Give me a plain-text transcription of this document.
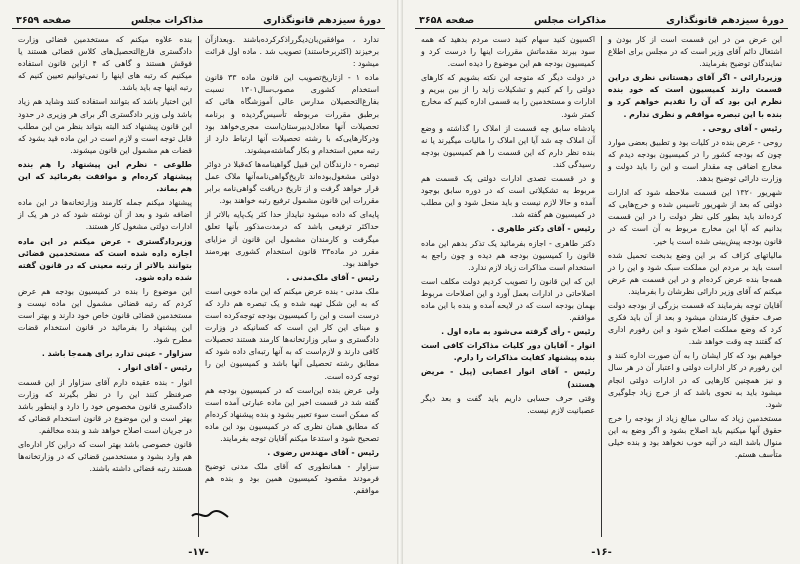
دورهٔ سیزدهم قانونگذاری
مذاکرات مجلس
صفحه ۳۶۵۹

ندارد ، موافقین‌بان‌دیگر‌را‌ذکرکرده‌باشند .و‌بعد‌از‌آن برخیزند (اکثر‌برخاستند) تصویب شد . ماده اول قرائت میشود :

ماده ۱ - از‌تاریخ‌تصویب این قانون ماده ۳۳ قانون استخدام کشوری مصوب‌سال‌۱۳۰۱ نسبت بفارغ‌التحصیلان مدارس عالی آموزشگاه هائی که بر‌طبق مقررات مربوطه تأسیس‌گردیده و برنامه تحصیلات آنها معادل‌دبیرستان‌است مجری‌خواهد بود و‌در‌کار‌هایی‌که با رشته تحصیلات آنها ارتباط دارد از رتبه معین استخدام و بکار گماشته‌میشوند.

تبصره - دارندگان این قبیل گواهینامه‌ها که‌قبلا در دوائر دولتی مشغول‌بوده‌اند تاریخ‌گواهی‌نامه‌آنها ملاک عمل قرار خواهد گرفت و از تاریخ دریافت گواهی‌نامه بر‌ابر مقررات این قانون مشمول ترفیع رتبه خواهند بود.

پایه‌ای که داده میشود نبایداز حدا کثر یک‌پایه‌ بالاتر از حداکثر ترفیعی باشد که در‌مدت‌مذکور بآنها تعلق میگرفت و کارمندان مشمول این قانون از مزایای مقرر در ماده۳۳ قانون استخدام کشوری بهره‌مند خواهند بود.

رئیس - آقای ملک‌مدنی .

ملک مدنی - بنده عرض میکنم که این ماده خوبی است که به‌ این شکل تهیه شده و یک تبصره‌ هم دارد که درست است و این را کمیسیون بودجه توجه‌کرده است و مبنا‌ی این کار این است که کسانیکه در وزارت دادگستری و سایر وزارتخانه‌ها کارمند‌ هستند تحصیلات کافی دارند و لازم‌است‌ که به آنها رتبه‌ای‌ داده شود که مطابق رشته تحصیلی آنها باشد و کمیسیون‌ این را توجه کرده است.

ولی عرض بنده این‌است که‌ در کمیسیون بودجه هم گفته شد در قسمت اخیر این ماده عبارتی آمده است‌ که ممکن است‌ سوء تعبیر بشود‌ و بنده‌ پیشنهاد کرده‌ام‌ که مطابق همان‌ نظری که در کمیسیون بود این ماده تصحیح شود و استدعا میکنم آقایان توجه بفرمایند.

رئیس - آقای مهندس رضوی .

سزاوار - همانطوری که آقای ملک مدنی توضیح فرمودند مقصود کمیسیون همین بود و‌ بنده‌ هم موافقم.

بنده علاوه میکنم که مستخدمین‌ قضائی وزارت دادگستری فارغ‌التحصیل‌های کلاس قضائی هستند یا فوقش هستند و گاهی که ۴ ازاین قانون استفاده میکنیم که رتبه های اینها را نمی‌توانیم تعیین کنیم که رتبه اینها چه باید باشد.

این اختیار باشد که بتوانند استفاده کنند وشاید هم‌ زیاد باشد ولی وزیر دادگستری اگر برای هر وزیری در حدود این قانون پیشنهاد کند البته بتواند بنظر من این مطلب قابل‌ توجه است و لازم است در این ماده قید بشود که قضات هم مشمول این قانون میشوند.

طلوعی - نظرم این پیشنهاد را هم بنده پیشنهاد کرده‌ام و موافقت بفرمائید که‌ این هم بماند.

پیشنهاد میکنم جمله کارمند وزارتخانه‌ها در این ماده اضافه شود و بعد از آن نوشته شود که ‌در‌ هر‌ یک از ادارات دولتی مشغول کار هستند.

وزیردادگستری - عرض میکنم در این ماده اجازه داده شده است که مستخدمین قضائی بتوانند بالاتر از رتبه معینی که در قانون گفته شده داده شود.

این موضوع را بنده در کمیسیون بودجه هم عرض کردم که رتبه قضائی مشمول این ماده نیست و‌ مستخدمین قضائی قانون خاص خود دارند و بهتر است این پیشنهاد را بفرمائید در قانون استخدام قضات مطرح شود.

سزاوار - عینی تدارد برای همه‌جا باشد .

رئیس - آقای انوار .

انوار - بنده عقیده‌ دارم‌ آقای سزاوار از این قسمت صرفنظر کنند این را در نظر بگیرند که وزارت دادگستری قانون مخصوص خود را دارد و اینطور باشد بهتر است و‌ این موضوع در قانون استخدام قضائی که در جریان است اصلاح خواهد شد و بنده مخالفم.

قانون خصوصی باشد بهتر است که دراین‌ کار اداره‌ای هم وارد‌ بشود و مستخدمین قضائی که در وزارتخانه‌ها هستند رتبه قضائی داشته باشند.

-۱۷-
دورهٔ سیزدهم قانونگذاری
مذاکرات مجلس
صفحه ۳۶۵۸

این عرض من در این قسمت‌ است از‌ کار بودن و اشتغال دائم آقای وزیر است که در مجلس برای اطلاع نمایندگان توضیح بفرمایند.

وزیردارائی - اگر آقای دهستانی نظری دراین‌ قسمت دارند کمیسیون است‌ که خود بنده نظرم این بود که آن را تقدیم خواهم کرد و بنده با این تبصره موافقم و نظری ندارم .

رئیس - آقای روحی .

روحی - عرض بنده در کلیات بود و‌ تطبیق بعضی موارد چون که بودجه کشور را‌ در کمیسیون بودجه دیدم که مخارج اضافی چه‌ مقدار‌ است و این را باید دولت و‌ وزارت دارائی توضیح بدهد.

شهریور ۱۳۲۰ این قسمت ملاحظه شود که ادارات‌ دولتی که بعد از شهریور تاسیس‌ شده‌ و‌ خرج‌هایی که کرده‌اند باید‌ بطور‌ کلی نظر دولت را در این‌ قسمت بدانیم که آیا این مخارج‌ مربوط‌ به‌ آن است که در قانون بودجه پیش‌بینی شده است یا خیر.

مالیاتهای کزاف که بر این وضع بدبخت تحمیل شده است باید بر‌ مردم ‌این‌ مملکت‌ سبک‌ شود و این را در همه‌جا بنده عرض کرده‌ام و در این قسمت هم عرض میکنم که آقای وزیر دارائی نظرشان را بفرمایند.

آقایان توجه بفرمایند که قسمت بزرگی از بودجه دولت صرف حقوق‌ کارمندان میشود و بعد از آن باید فکری کرد که وضع مملکت اصلاح شود و این رفورم اداری که گفتند چه وقت خواهد شد.

خواهیم بود که کار ایشان را به‌ آن صورت اداره کنند و این رفورم در کار ادارات دولتی و اعتبار آن در هر سال و نیز همچنین کارهایی که در ادارات دولتی انجام‌ میشود باید‌ به‌ نحوی‌ باشد که از خرج زیاد جلوگیری شود.

مستخدمین زیاد که سالی مبالغ زیاد از بودجه را خرج حقوق آنها میکنیم باید اصلاح‌ بشود و‌ اگر‌ وضع به این منوال باشد البته در آتیه خوب نخواهد بود و بنده‌ خیلی متأسف هستم.

اکسیون کنید سهام کنید دست مردم بدهید که همه سود ببرند مقدماتش مقررات اینها را درست کرد و کمیسیون بودجه ‌هم این‌ موضوع را دیده‌ است.

در دولت دیگر که متوجه این‌ نکته بشویم که کارهای دولتی را کم کنیم و تشکیلات زاید را از بین ببریم و‌ ادارات و‌ مستخدمین‌ را به‌ قسمی اداره کنیم که مخارج کمتر شود.

پادشاه سابق‌ چه‌ قسمت‌ از املاک را‌ گذاشته و وضع آن املاک چه شد آیا این املاک را مالیات میگیرند یا نه بنده نظر دارم که این‌ قسمت را‌ هم کمیسیون بودجه رسیدگی کند.

و در‌ قسمت تصدی ادارات دولتی یک قسمت هم ‌مربوط به تشکیلاتی است که در دوره سابق‌ بوجود آمده‌ و‌ حالا‌ لازم‌ نیست و باید منحل شود و این‌ مطلب در کمیسیون هم‌ گفته شد.

رئیس - آقای دکتر طاهری .

دکتر طاهری - اجازه بفرمائید یک تذکر بدهم این ماده قانون‌ را کمیسیون‌ بودجه هم دیده و چون راجع به استخدام است مذاکرات زیاد لازم ندارد.

این که این قانون را تصویب کردیم دولت مکلف است اصلاحاتی در ادارات بعمل آورد و این اصلاحات مربوط بهمان بودجه است که در لایحه آمده و‌ بنده با این ماده موافقم.

رئیس - رأی‌ گرفته می‌شود به ماده اول .

انوار - آقایان دور کلیات مذاکرات کافی است بنده پیشنهاد‌ کفایت مذاکرات را دارم.

رئیس - آقای انوار اعصابی (پیل - مریض هستند)

وقتی‌ حرف حسابی داریم باید گفت و بعد دیگر عصبانیت لازم نیست.

-۱۶-
